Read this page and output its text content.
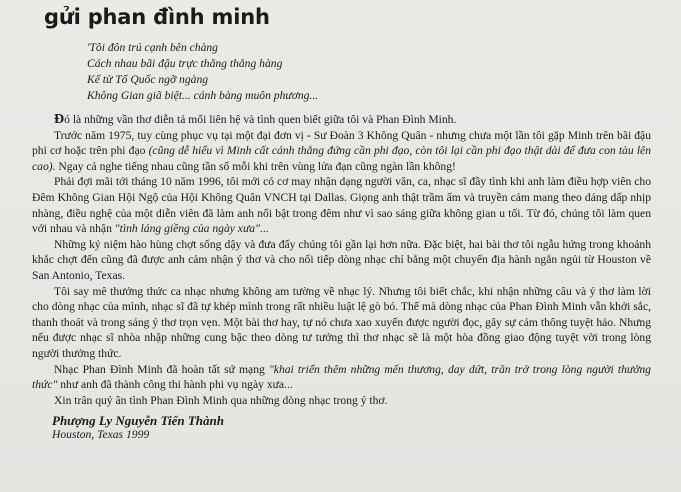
gửi phan đình minh
'Tôi đôn trú cạnh bên chàng
Cách nhau bãi đậu trực thăng thẳng hàng
Kể từ Tổ Quốc ngỡ ngàng
Không Gian giã biệt... cánh bàng muôn phương...

Đó là những vần thơ diễn tả mối liên hệ và tình quen biết giữa tôi và Phan Đình Minh.

Trước năm 1975, tuy cùng phục vụ tại một đại đơn vị - Sư Đoàn 3 Không Quân - nhưng chưa một lần tôi gặp Minh trên bãi đậu phi cơ hoặc trên phi đạo (cũng dễ hiểu vì Minh cất cánh thẳng đứng cần phi đạo, còn tôi lại cần phi đạo thật dài để đưa con tàu lên cao). Ngay cả nghe tiếng nhau cũng tần số mỗi khi trên vùng lửa đạn cũng ngàn lần không!

Phải đợi mãi tới tháng 10 năm 1996, tôi mới có cơ may nhận dạng người văn, ca, nhạc sĩ đầy tình khi anh làm điều hợp viên cho Đêm Không Gian Hội Ngộ của Hội Không Quân VNCH tại Dallas. Giọng anh thật trầm ấm và truyền cảm mang theo dáng dấp nhịp nhàng, điều nghệ của một diễn viên đã làm anh nổi bật trong đêm như vì sao sáng giữa không gian u tối. Từ đó, chúng tôi làm quen với nhau và nhận "tình láng giềng của ngày xưa"...

Những kỷ niệm hào hùng chợt sống dậy và đưa đẩy chúng tôi gần lại hơn nữa. Đặc biệt, hai bài thơ tôi ngẫu hứng trong khoảnh khắc chợt đến cũng đã được anh cảm nhận ý thơ và cho nối tiếp dòng nhạc chỉ bằng một chuyến địa hành ngắn ngủi từ Houston về San Antonio, Texas.

Tôi say mê thưởng thức ca nhạc nhưng không am tường về nhạc lý. Nhưng tôi biết chắc, khi nhận những câu và ý thơ làm lời cho dòng nhạc của mình, nhạc sĩ đã tự khép mình trong rất nhiều luật lệ gò bó. Thế mà dòng nhạc của Phan Đình Minh vẫn khởi sắc, thanh thoát và trong sáng ý thơ trọn vẹn. Một bài thơ hay, tự nó chưa xao xuyến được người đọc, gây sự cảm thông tuyệt hảo. Nhưng nếu được nhạc sĩ nhòa nhập những cung bậc theo dòng tư tưởng thì thơ nhạc sẽ là một hòa đồng giao động tuyệt vời trong lòng người thưởng thức.

Nhạc Phan Đình Minh đã hoàn tất sứ mạng "khai triển thêm những mến thương, day dứt, trăn trở trong lòng người thưởng thức" như anh đã thành công thi hành phi vụ ngày xưa...

Xin trân quý ân tình Phan Đình Minh qua những dòng nhạc trong ý thơ.

Phượng Ly Nguyễn Tiến Thành
Houston, Texas 1999
